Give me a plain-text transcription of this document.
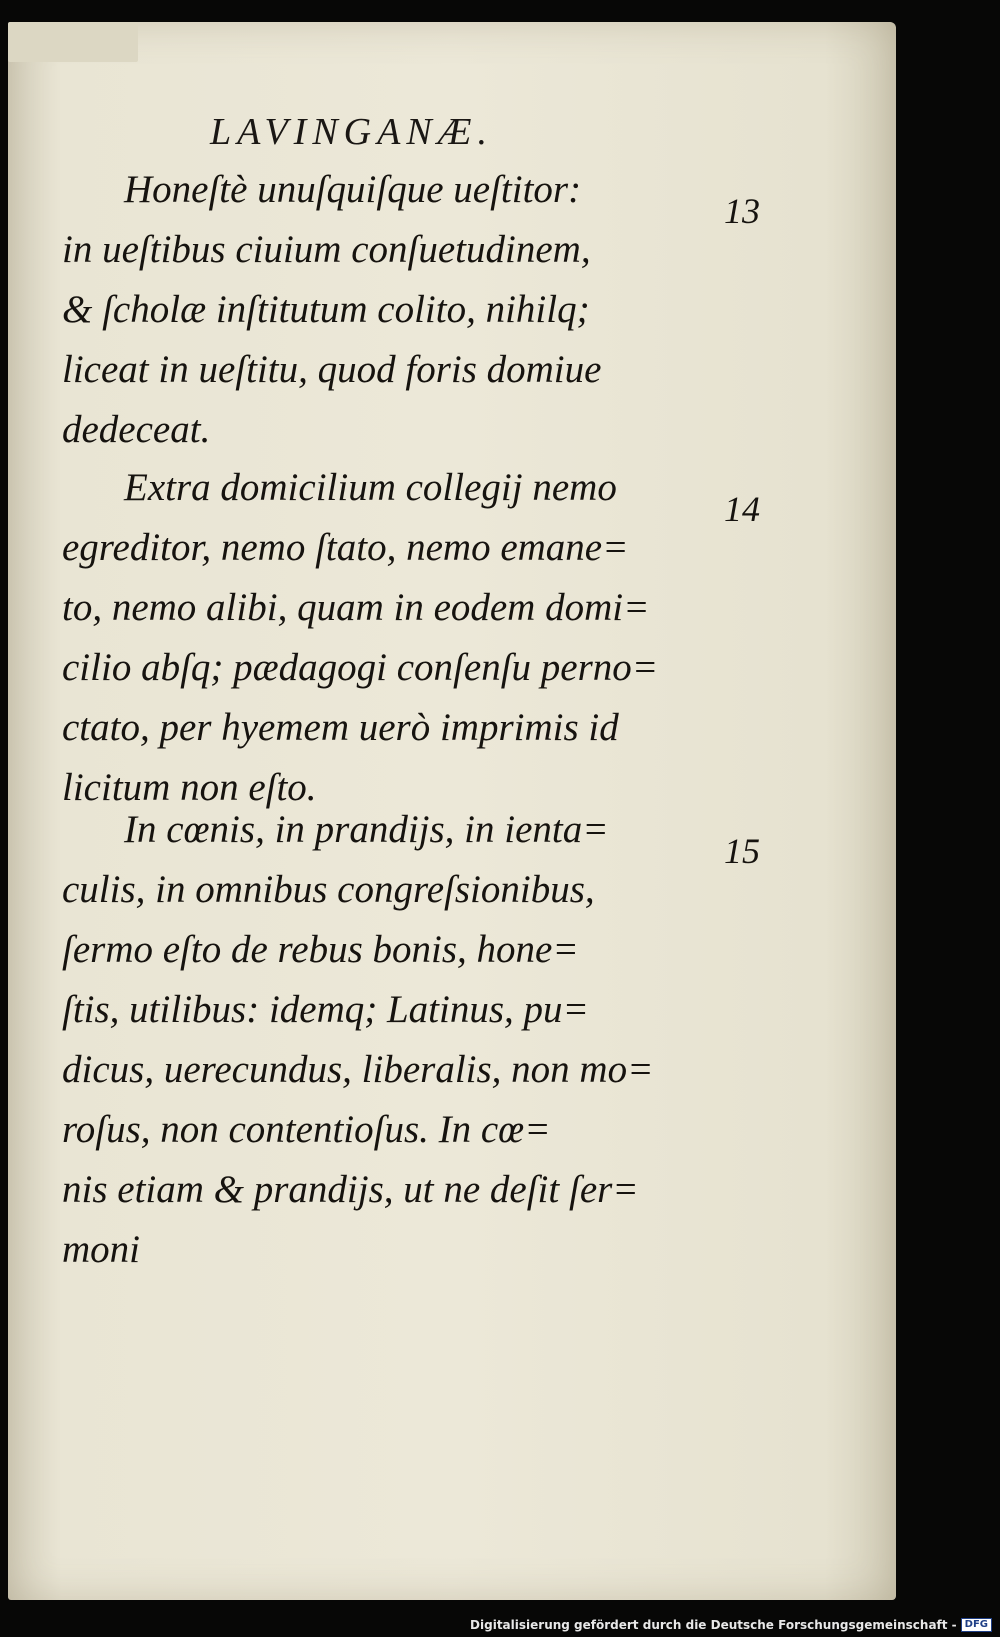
LAVINGANÆ.
Honeſtè unuſquiſque ueſtitor:
in ueſtibus ciuium conſuetudinem,
& ſcholæ inſtitutum colito, nihilq;
liceat in ueſtitu, quod foris domiue
dedeceat.
13
Extra domicilium collegij nemo
egreditor, nemo ſtato, nemo emane=
to, nemo alibi, quam in eodem domi=
cilio abſq; pædagogi conſenſu perno=
ctato, per hyemem uerò imprimis id
licitum non eſto.
14
In cœnis, in prandijs, in ienta=
culis, in omnibus congreſsionibus,
ſermo eſto de rebus bonis, hone=
ſtis, utilibus: idemq; Latinus, pu=
dicus, uerecundus, liberalis, non mo=
roſus, non contentioſus. In cœ=
nis etiam & prandijs, ut ne deſit ſer=
moni
15
Digitalisierung gefördert durch die Deutsche Forschungsgemeinschaft - DFG
